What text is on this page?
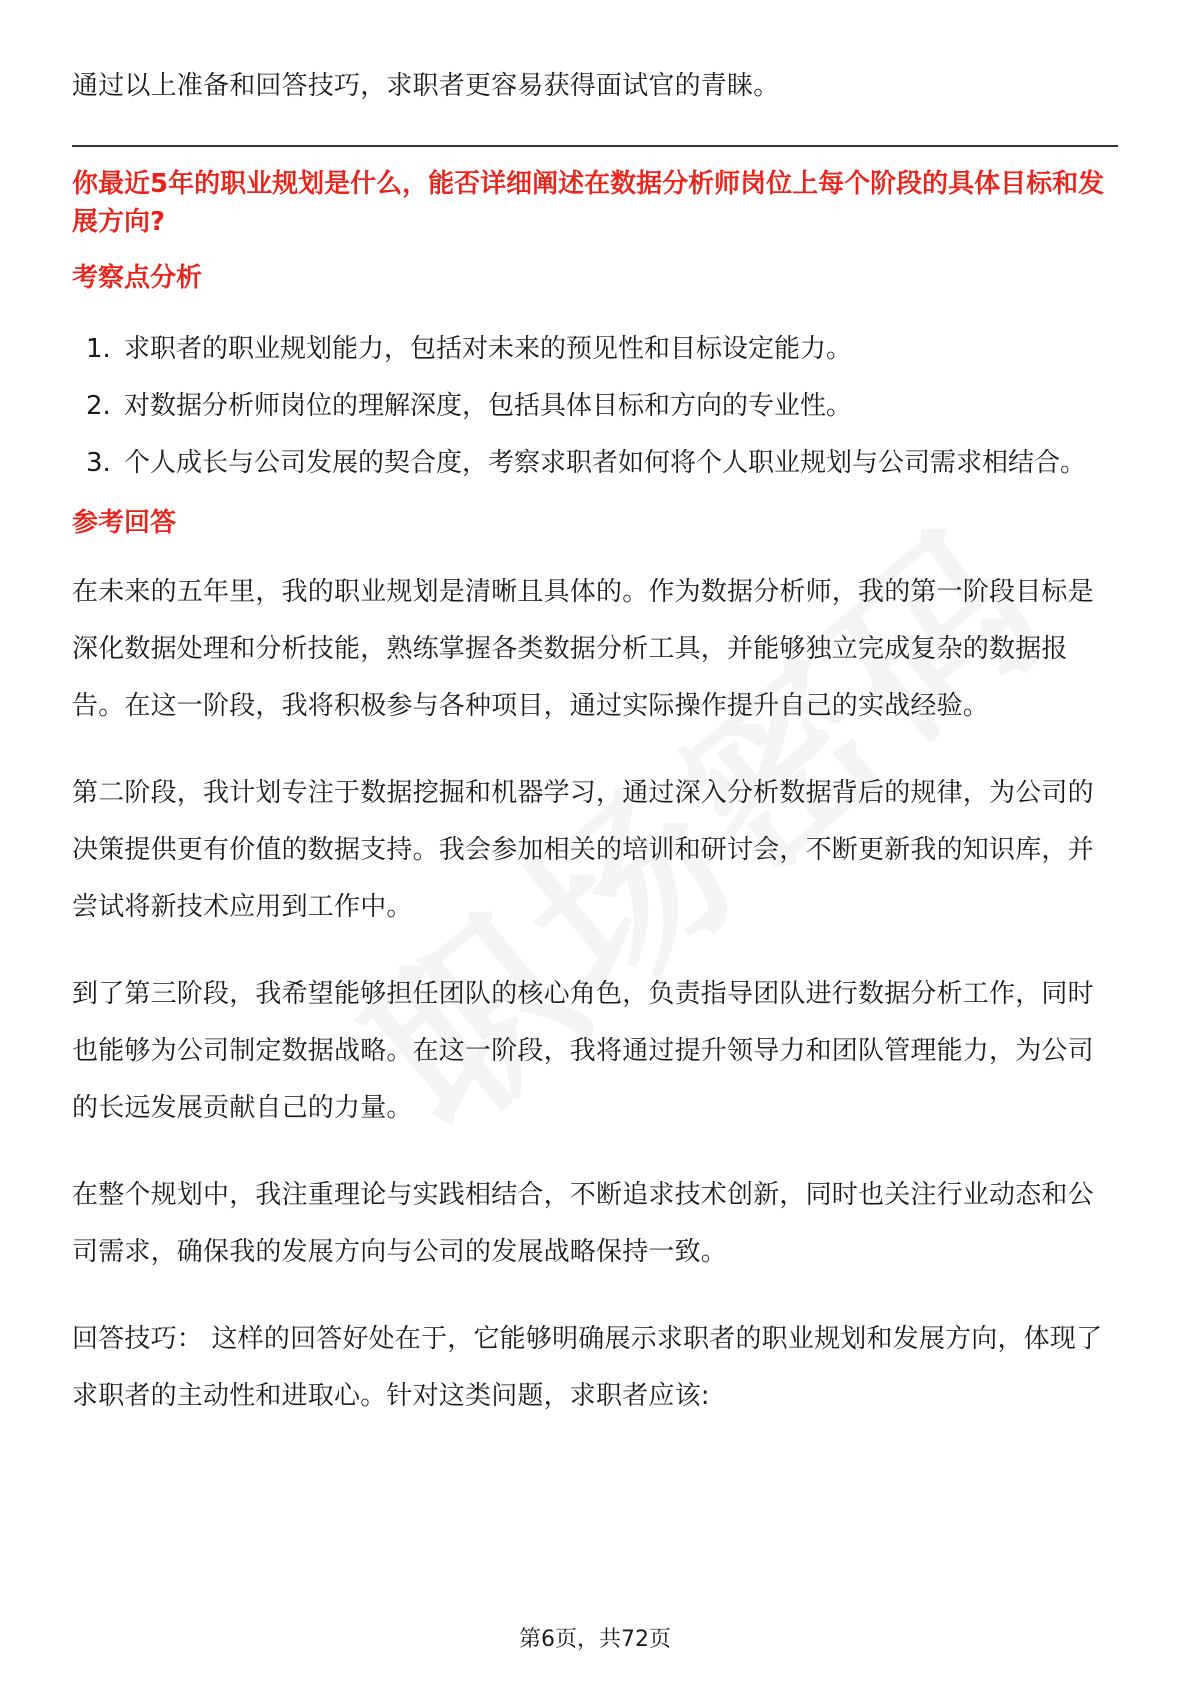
通过以上准备和回答技巧，求职者更容易获得面试官的青睐。

你最近5年的职业规划是什么，能否详细阐述在数据分析师岗位上每个阶段的具体目标和发展方向?

考察点分析

1. 求职者的职业规划能力，包括对未来的预见性和目标设定能力。
2. 对数据分析师岗位的理解深度，包括具体目标和方向的专业性。
3. 个人成长与公司发展的契合度，考察求职者如何将个人职业规划与公司需求相结合。

参考回答

在未来的五年里，我的职业规划是清晰且具体的。作为数据分析师，我的第一阶段目标是深化数据处理和分析技能，熟练掌握各类数据分析工具，并能够独立完成复杂的数据报告。在这一阶段，我将积极参与各种项目，通过实际操作提升自己的实战经验。

第二阶段，我计划专注于数据挖掘和机器学习，通过深入分析数据背后的规律，为公司的决策提供更有价值的数据支持。我会参加相关的培训和研讨会，不断更新我的知识库，并尝试将新技术应用到工作中。

到了第三阶段，我希望能够担任团队的核心角色，负责指导团队进行数据分析工作，同时也能够为公司制定数据战略。在这一阶段，我将通过提升领导力和团队管理能力，为公司的长远发展贡献自己的力量。

在整个规划中，我注重理论与实践相结合，不断追求技术创新，同时也关注行业动态和公司需求，确保我的发展方向与公司的发展战略保持一致。

回答技巧： 这样的回答好处在于，它能够明确展示求职者的职业规划和发展方向，体现了求职者的主动性和进取心。针对这类问题，求职者应该:

第6页，共72页
